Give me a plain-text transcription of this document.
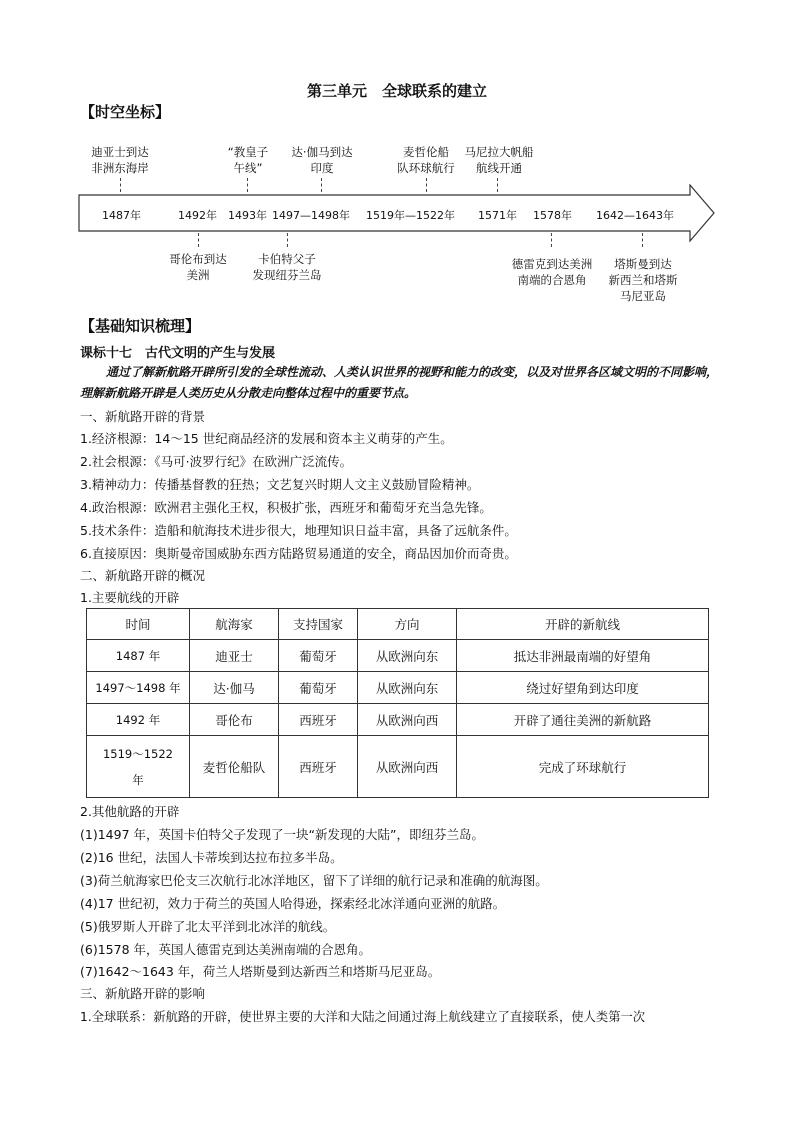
第三单元　全球联系的建立
【时空坐标】
迪亚士到达
非洲东海岸
“教皇子
午线”
达·伽马到达
印度
麦哲伦船
队环球航行
马尼拉大帆船
航线开通
1487年	1492年 1493年 1497—1498年 1519年—1522年 1571年 1578年 1642—1643年
哥伦布到达
美洲
卡伯特父子
发现纽芬兰岛
德雷克到达美洲
南端的合恩角
塔斯曼到达
新西兰和塔斯
马尼亚岛
【基础知识梳理】
课标十七　古代文明的产生与发展
通过了解新航路开辟所引发的全球性流动、人类认识世界的视野和能力的改变，以及对世界各区域文明的不同影响，理解新航路开辟是人类历史从分散走向整体过程中的重要节点。
一、新航路开辟的背景
1.经济根源：14～15 世纪商品经济的发展和资本主义萌芽的产生。
2.社会根源：《马可·波罗行纪》在欧洲广泛流传。
3.精神动力：传播基督教的狂热；文艺复兴时期人文主义鼓励冒险精神。
4.政治根源：欧洲君主强化王权，积极扩张，西班牙和葡萄牙充当急先锋。
5.技术条件：造船和航海技术进步很大，地理知识日益丰富，具备了远航条件。
6.直接原因：奥斯曼帝国威胁东西方陆路贸易通道的安全，商品因加价而奇贵。
二、新航路开辟的概况
1.主要航线的开辟
时间	航海家	支持国家	方向	开辟的新航线
1487 年	迪亚士	葡萄牙	从欧洲向东	抵达非洲最南端的好望角
1497～1498 年	达·伽马	葡萄牙	从欧洲向东	绕过好望角到达印度
1492 年	哥伦布	西班牙	从欧洲向西	开辟了通往美洲的新航路
1519～1522 年	麦哲伦船队	西班牙	从欧洲向西	完成了环球航行
2.其他航路的开辟
(1)1497 年，英国卡伯特父子发现了一块“新发现的大陆”，即纽芬兰岛。
(2)16 世纪，法国人卡蒂埃到达拉布拉多半岛。
(3)荷兰航海家巴伦支三次航行北冰洋地区，留下了详细的航行记录和准确的航海图。
(4)17 世纪初，效力于荷兰的英国人哈得逊，探索经北冰洋通向亚洲的航路。
(5)俄罗斯人开辟了北太平洋到北冰洋的航线。
(6)1578 年，英国人德雷克到达美洲南端的合恩角。
(7)1642～1643 年，荷兰人塔斯曼到达新西兰和塔斯马尼亚岛。
三、新航路开辟的影响
1.全球联系：新航路的开辟，使世界主要的大洋和大陆之间通过海上航线建立了直接联系，使人类第一次
